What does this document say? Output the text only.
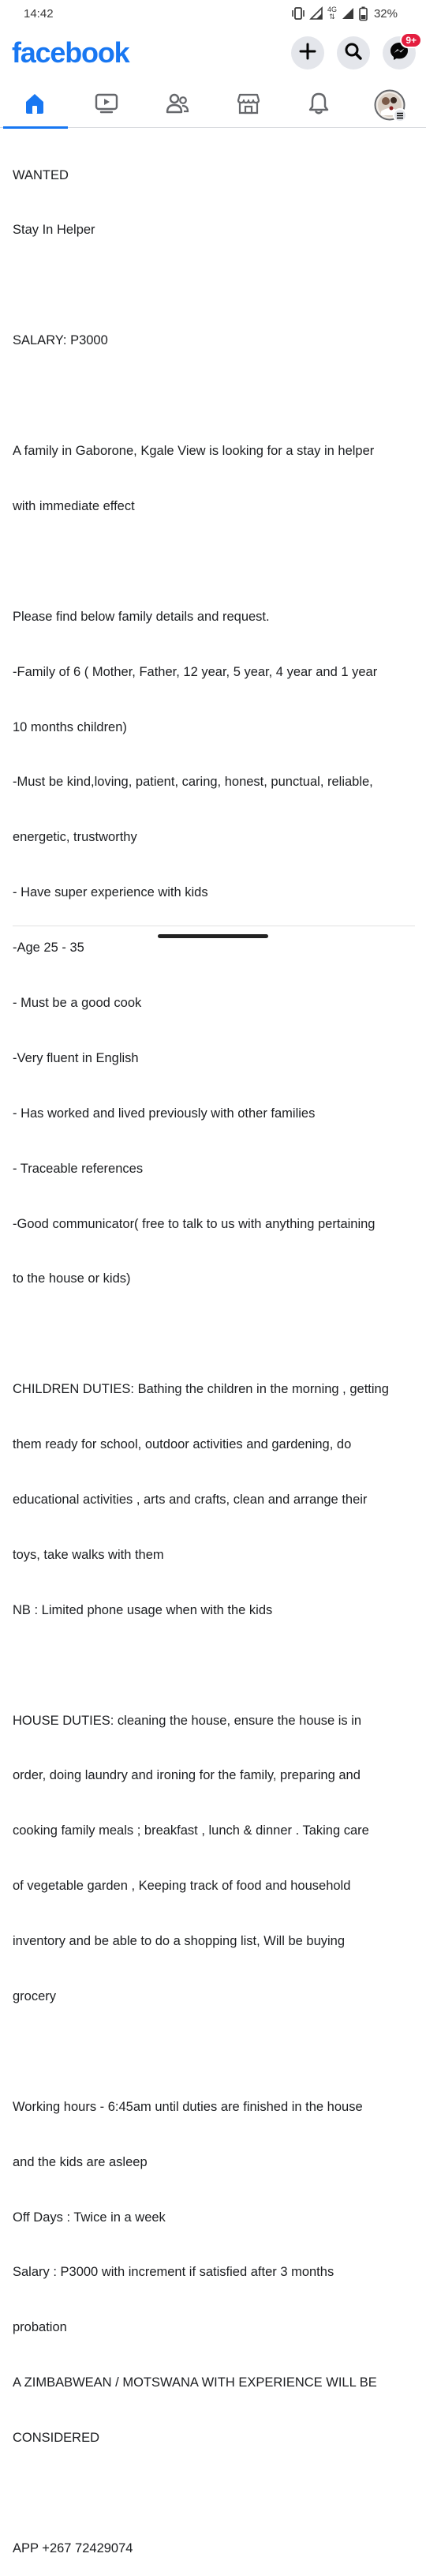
14:42	4G
⇅	32%
facebook	9+

WANTED

Stay In Helper

SALARY: P3000

A family in Gaborone, Kgale View is looking for a stay in helper

with immediate effect

Please find below family details and request.

-Family of 6 ( Mother, Father, 12 year, 5 year, 4 year and 1 year

10 months children)

-Must be kind,loving, patient, caring, honest, punctual, reliable,

energetic, trustworthy

- Have super experience with kids

-Age 25 - 35

- Must be a good cook

-Very fluent in English

- Has worked and lived previously with other families

- Traceable references

-Good communicator( free to talk to us with anything pertaining

to the house or kids)

CHILDREN DUTIES: Bathing the children in the morning , getting

them ready for school, outdoor activities and gardening, do

educational activities , arts and crafts, clean and arrange their

toys, take walks with them

NB : Limited phone usage when with the kids

HOUSE DUTIES: cleaning the house, ensure the house is in

order, doing laundry and ironing for the family, preparing and

cooking family meals ; breakfast , lunch & dinner . Taking care

of vegetable garden , Keeping track of food and household

inventory and be able to do a shopping list, Will be buying

grocery

Working hours - 6:45am until duties are finished in the house

and the kids are asleep

Off Days : Twice in a week

Salary : P3000 with increment if satisfied after 3 months

probation

A ZIMBABWEAN / MOTSWANA WITH EXPERIENCE WILL BE

CONSIDERED

APP +267 72429074
